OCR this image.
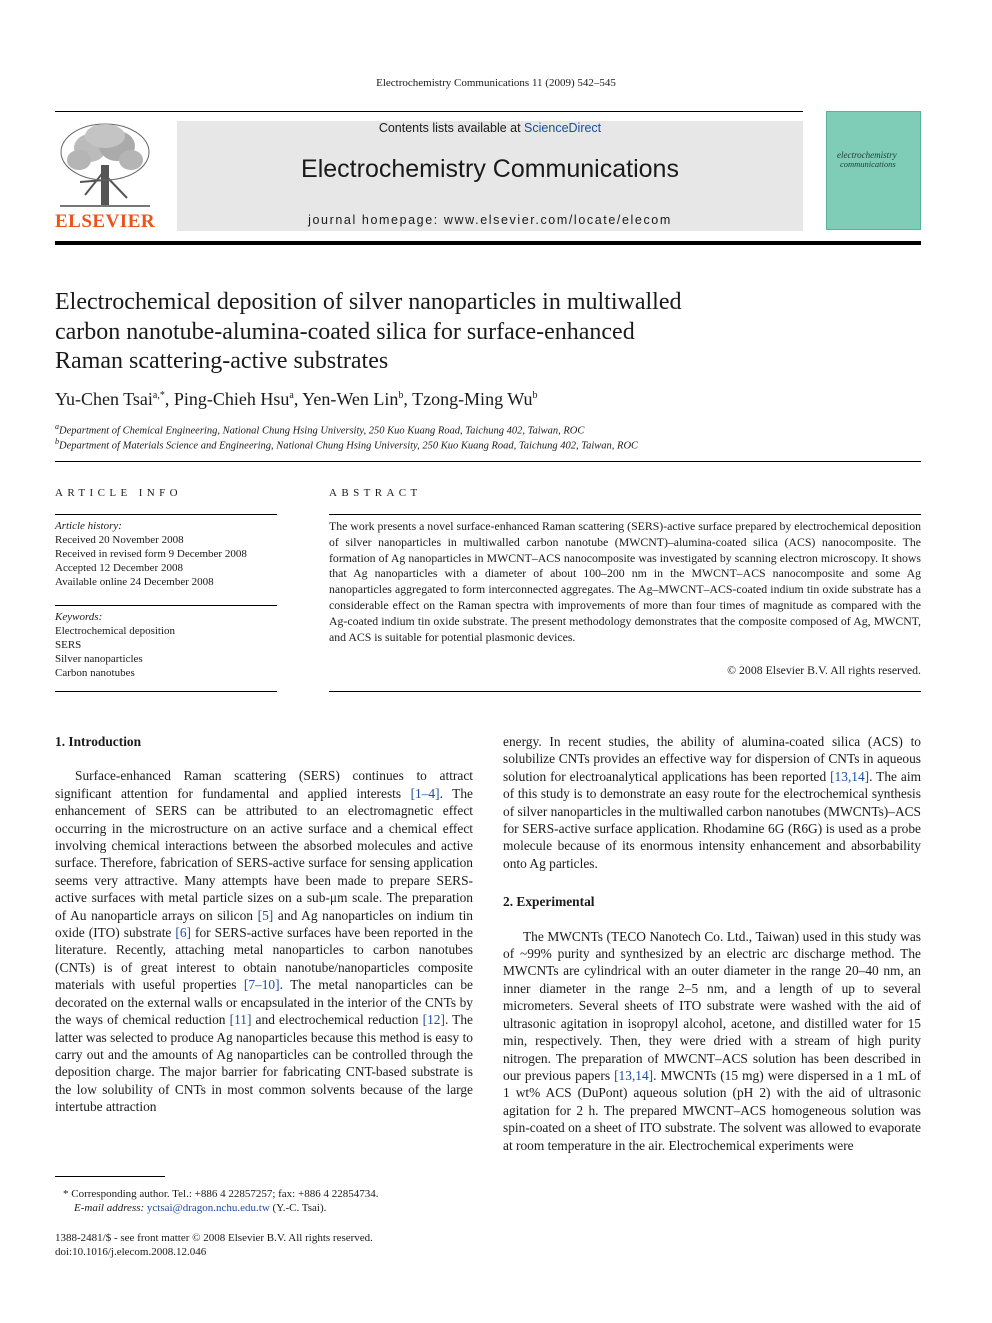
Electrochemistry Communications 11 (2009) 542–545
ELSEVIER
Contents lists available at ScienceDirect
Electrochemistry Communications
journal homepage: www.elsevier.com/locate/elecom
electrochemistry
communications
Electrochemical deposition of silver nanoparticles in multiwalled
carbon nanotube-alumina-coated silica for surface-enhanced
Raman scattering-active substrates
Yu-Chen Tsai$^{a,*}$, Ping-Chieh Hsu$^a$, Yen-Wen Lin$^b$, Tzong-Ming Wu$^b$
$^a$Department of Chemical Engineering, National Chung Hsing University, 250 Kuo Kuang Road, Taichung 402, Taiwan, ROC
$^b$Department of Materials Science and Engineering, National Chung Hsing University, 250 Kuo Kuang Road, Taichung 402, Taiwan, ROC
ARTICLE INFO
Article history:
Received 20 November 2008
Received in revised form 9 December 2008
Accepted 12 December 2008
Available online 24 December 2008
Keywords:
Electrochemical deposition
SERS
Silver nanoparticles
Carbon nanotubes
ABSTRACT
The work presents a novel surface-enhanced Raman scattering (SERS)-active surface prepared by electrochemical deposition of silver nanoparticles in multiwalled carbon nanotube (MWCNT)–alumina-coated silica (ACS) nanocomposite. The formation of Ag nanoparticles in MWCNT–ACS nanocomposite was investigated by scanning electron microscopy. It shows that Ag nanoparticles with a diameter of about 100–200 nm in the MWCNT–ACS nanocomposite and some Ag nanoparticles aggregated to form interconnected aggregates. The Ag–MWCNT–ACS-coated indium tin oxide substrate has a considerable effect on the Raman spectra with improvements of more than four times of magnitude as compared with the Ag-coated indium tin oxide substrate. The present methodology demonstrates that the composite composed of Ag, MWCNT, and ACS is suitable for potential plasmonic devices.
© 2008 Elsevier B.V. All rights reserved.
1. Introduction

Surface-enhanced Raman scattering (SERS) continues to attract significant attention for fundamental and applied interests [1–4]. The enhancement of SERS can be attributed to an electromagnetic effect occurring in the microstructure on an active surface and a chemical effect involving chemical interactions between the absorbed molecules and active surface. Therefore, fabrication of SERS-active surface for sensing application seems very attractive. Many attempts have been made to prepare SERS-active surfaces with metal particle sizes on a sub-μm scale. The preparation of Au nanoparticle arrays on silicon [5] and Ag nanoparticles on indium tin oxide (ITO) substrate [6] for SERS-active surfaces have been reported in the literature. Recently, attaching metal nanoparticles to carbon nanotubes (CNTs) is of great interest to obtain nanotube/nanoparticles composite materials with useful properties [7–10]. The metal nanoparticles can be decorated on the external walls or encapsulated in the interior of the CNTs by the ways of chemical reduction [11] and electrochemical reduction [12]. The latter was selected to produce Ag nanoparticles because this method is easy to carry out and the amounts of Ag nanoparticles can be controlled through the deposition charge. The major barrier for fabricating CNT-based substrate is the low solubility of CNTs in most common solvents because of the large intertube attraction

energy. In recent studies, the ability of alumina-coated silica (ACS) to solubilize CNTs provides an effective way for dispersion of CNTs in aqueous solution for electroanalytical applications has been reported [13,14]. The aim of this study is to demonstrate an easy route for the electrochemical synthesis of silver nanoparticles in the multiwalled carbon nanotubes (MWCNTs)–ACS for SERS-active surface application. Rhodamine 6G (R6G) is used as a probe molecule because of its enormous intensity enhancement and absorbability onto Ag particles.

2. Experimental

The MWCNTs (TECO Nanotech Co. Ltd., Taiwan) used in this study was of ~99% purity and synthesized by an electric arc discharge method. The MWCNTs are cylindrical with an outer diameter in the range 20–40 nm, an inner diameter in the range 2–5 nm, and a length of up to several micrometers. Several sheets of ITO substrate were washed with the aid of ultrasonic agitation in isopropyl alcohol, acetone, and distilled water for 15 min, respectively. Then, they were dried with a stream of high purity nitrogen. The preparation of MWCNT–ACS solution has been described in our previous papers [13,14]. MWCNTs (15 mg) were dispersed in a 1 mL of 1 wt% ACS (DuPont) aqueous solution (pH 2) with the aid of ultrasonic agitation for 2 h. The prepared MWCNT–ACS homogeneous solution was spin-coated on a sheet of ITO substrate. The solvent was allowed to evaporate at room temperature in the air. Electrochemical experiments were

* Corresponding author. Tel.: +886 4 22857257; fax: +886 4 22854734.
E-mail address: yctsai@dragon.nchu.edu.tw (Y.-C. Tsai).
1388-2481/$ - see front matter © 2008 Elsevier B.V. All rights reserved.
doi:10.1016/j.elecom.2008.12.046
